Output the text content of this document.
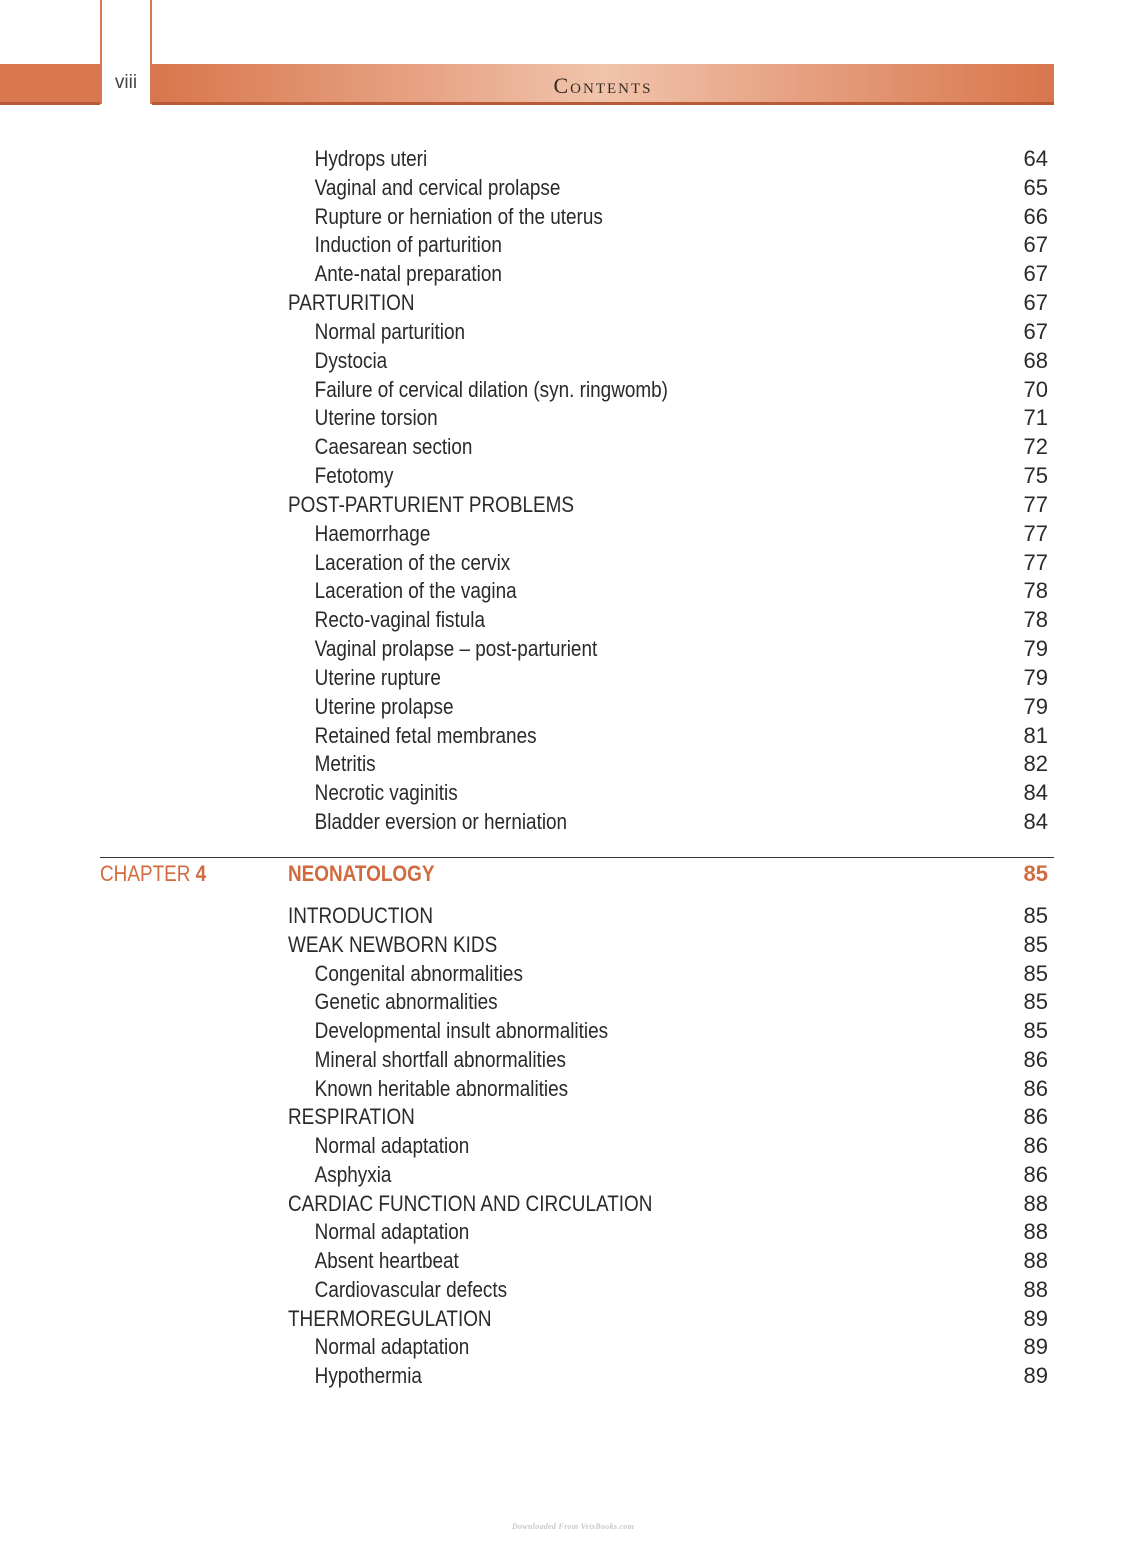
viii	Contents
Hydrops uteri	64
Vaginal and cervical prolapse	65
Rupture or herniation of the uterus	66
Induction of parturition	67
Ante-natal preparation	67
PARTURITION	67
Normal parturition	67
Dystocia	68
Failure of cervical dilation (syn. ringwomb)	70
Uterine torsion	71
Caesarean section	72
Fetotomy	75
POST-PARTURIENT PROBLEMS	77
Haemorrhage	77
Laceration of the cervix	77
Laceration of the vagina	78
Recto-vaginal fistula	78
Vaginal prolapse – post-parturient	79
Uterine rupture	79
Uterine prolapse	79
Retained fetal membranes	81
Metritis	82
Necrotic vaginitis	84
Bladder eversion or herniation	84
CHAPTER 4	NEONATOLOGY	85
INTRODUCTION	85
WEAK NEWBORN KIDS	85
Congenital abnormalities	85
Genetic abnormalities	85
Developmental insult abnormalities	85
Mineral shortfall abnormalities	86
Known heritable abnormalities	86
RESPIRATION	86
Normal adaptation	86
Asphyxia	86
CARDIAC FUNCTION AND CIRCULATION	88
Normal adaptation	88
Absent heartbeat	88
Cardiovascular defects	88
THERMOREGULATION	89
Normal adaptation	89
Hypothermia	89
Downloaded From VetsBooks.com
